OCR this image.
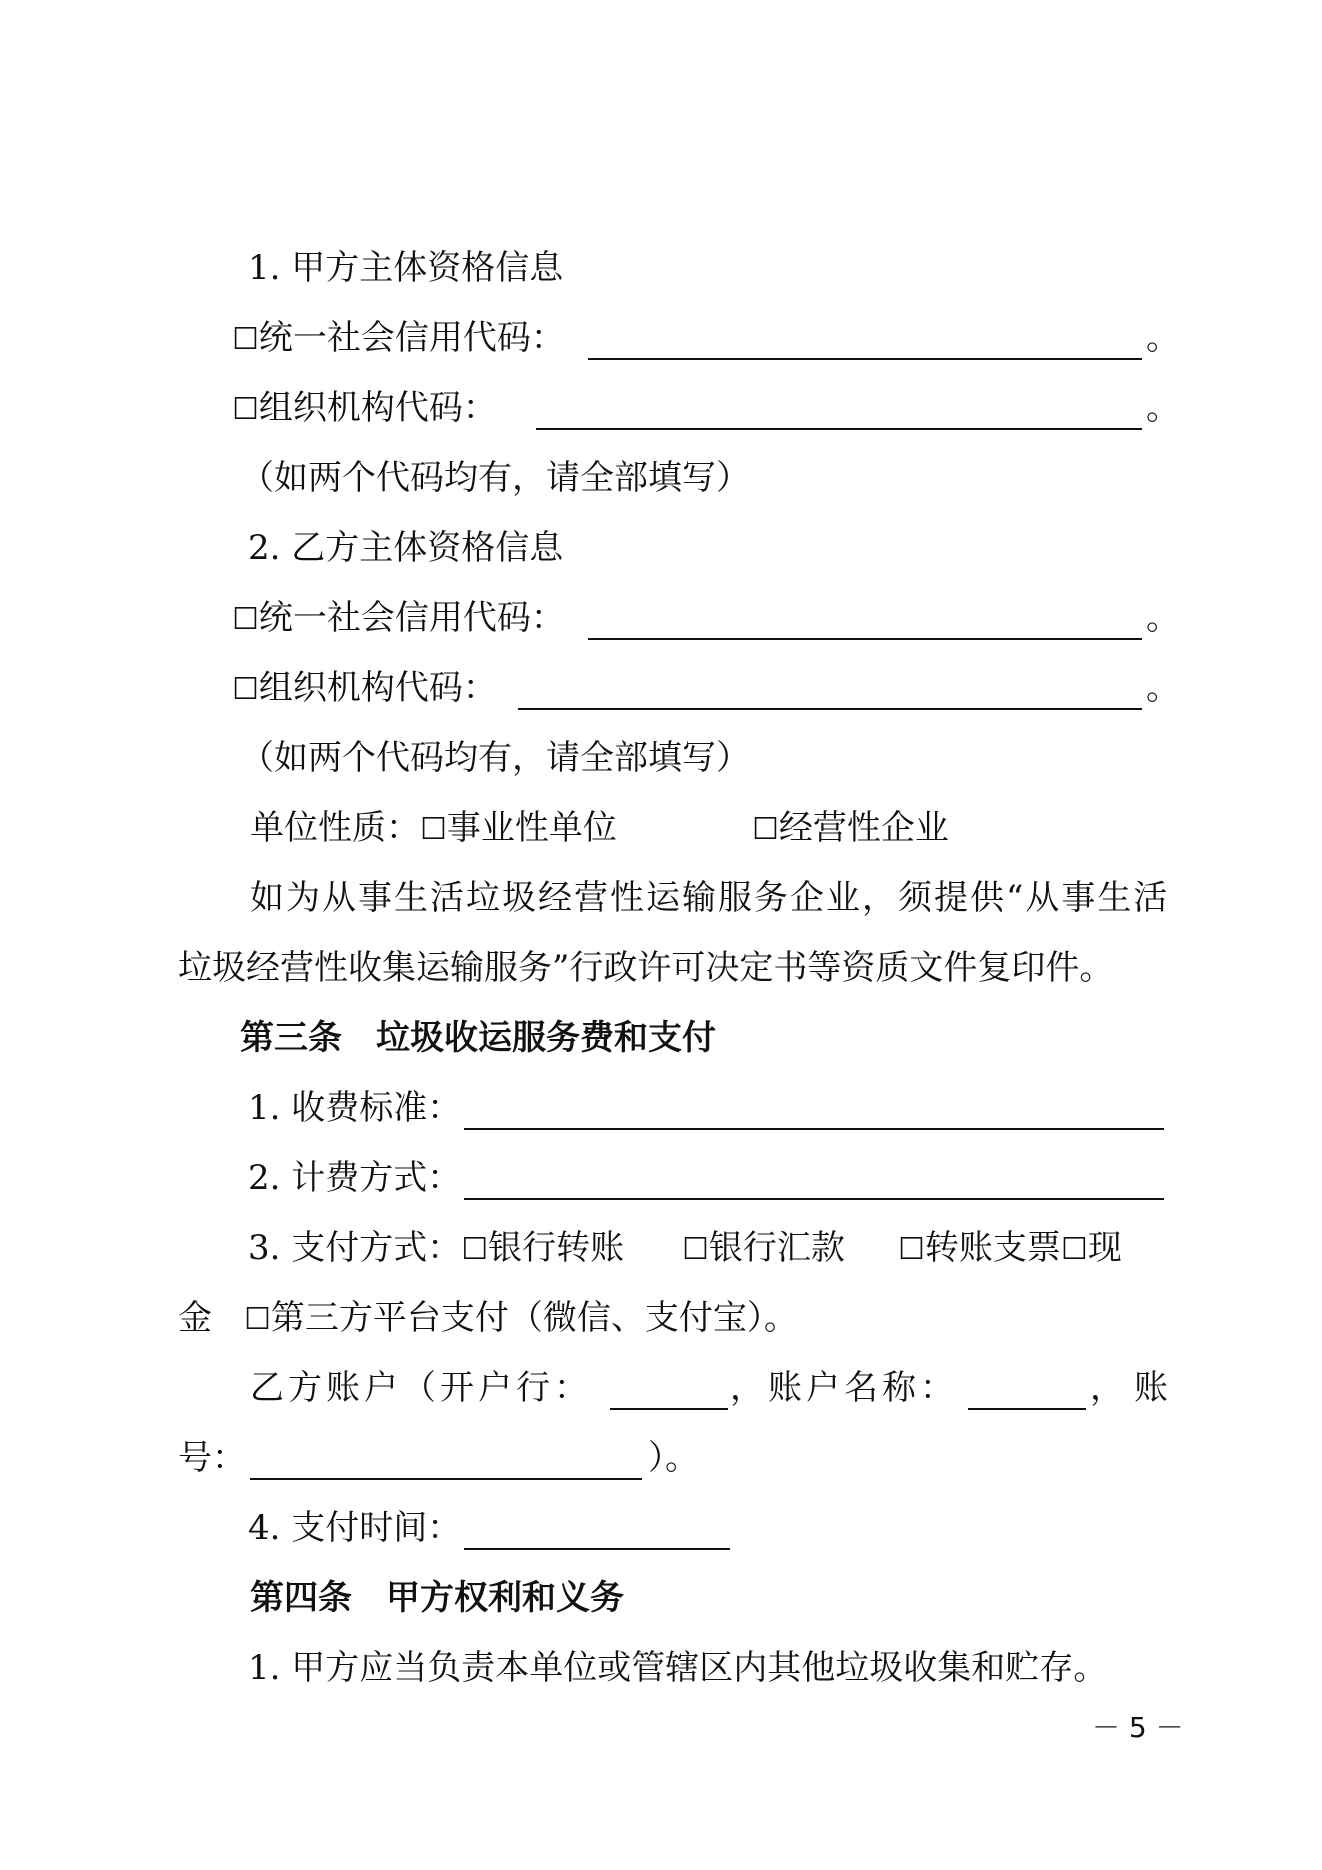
1. 甲方主体资格信息
☐统一社会信用代码：	。
☐组织机构代码：	。
（如两个代码均有，请全部填写）
2. 乙方主体资格信息
☐统一社会信用代码：	。
☐组织机构代码：	。
（如两个代码均有，请全部填写）
单位性质：☐事业性单位	☐经营性企业
如为从事生活垃圾经营性运输服务企业，须提供“从事生活
垃圾经营性收集运输服务”行政许可决定书等资质文件复印件。
第三条　垃圾收运服务费和支付
1. 收费标准：
2. 计费方式：
3. 支付方式：☐银行转账 ☐银行汇款 ☐转账支票☐现
金 ☐第三方平台支付（微信、支付宝）。
乙方账户（开户行：	，账户名称：	，账
号：	）。
4. 支付时间：
第四条　甲方权利和义务
1. 甲方应当负责本单位或管辖区内其他垃圾收集和贮存。
－ 5 －
